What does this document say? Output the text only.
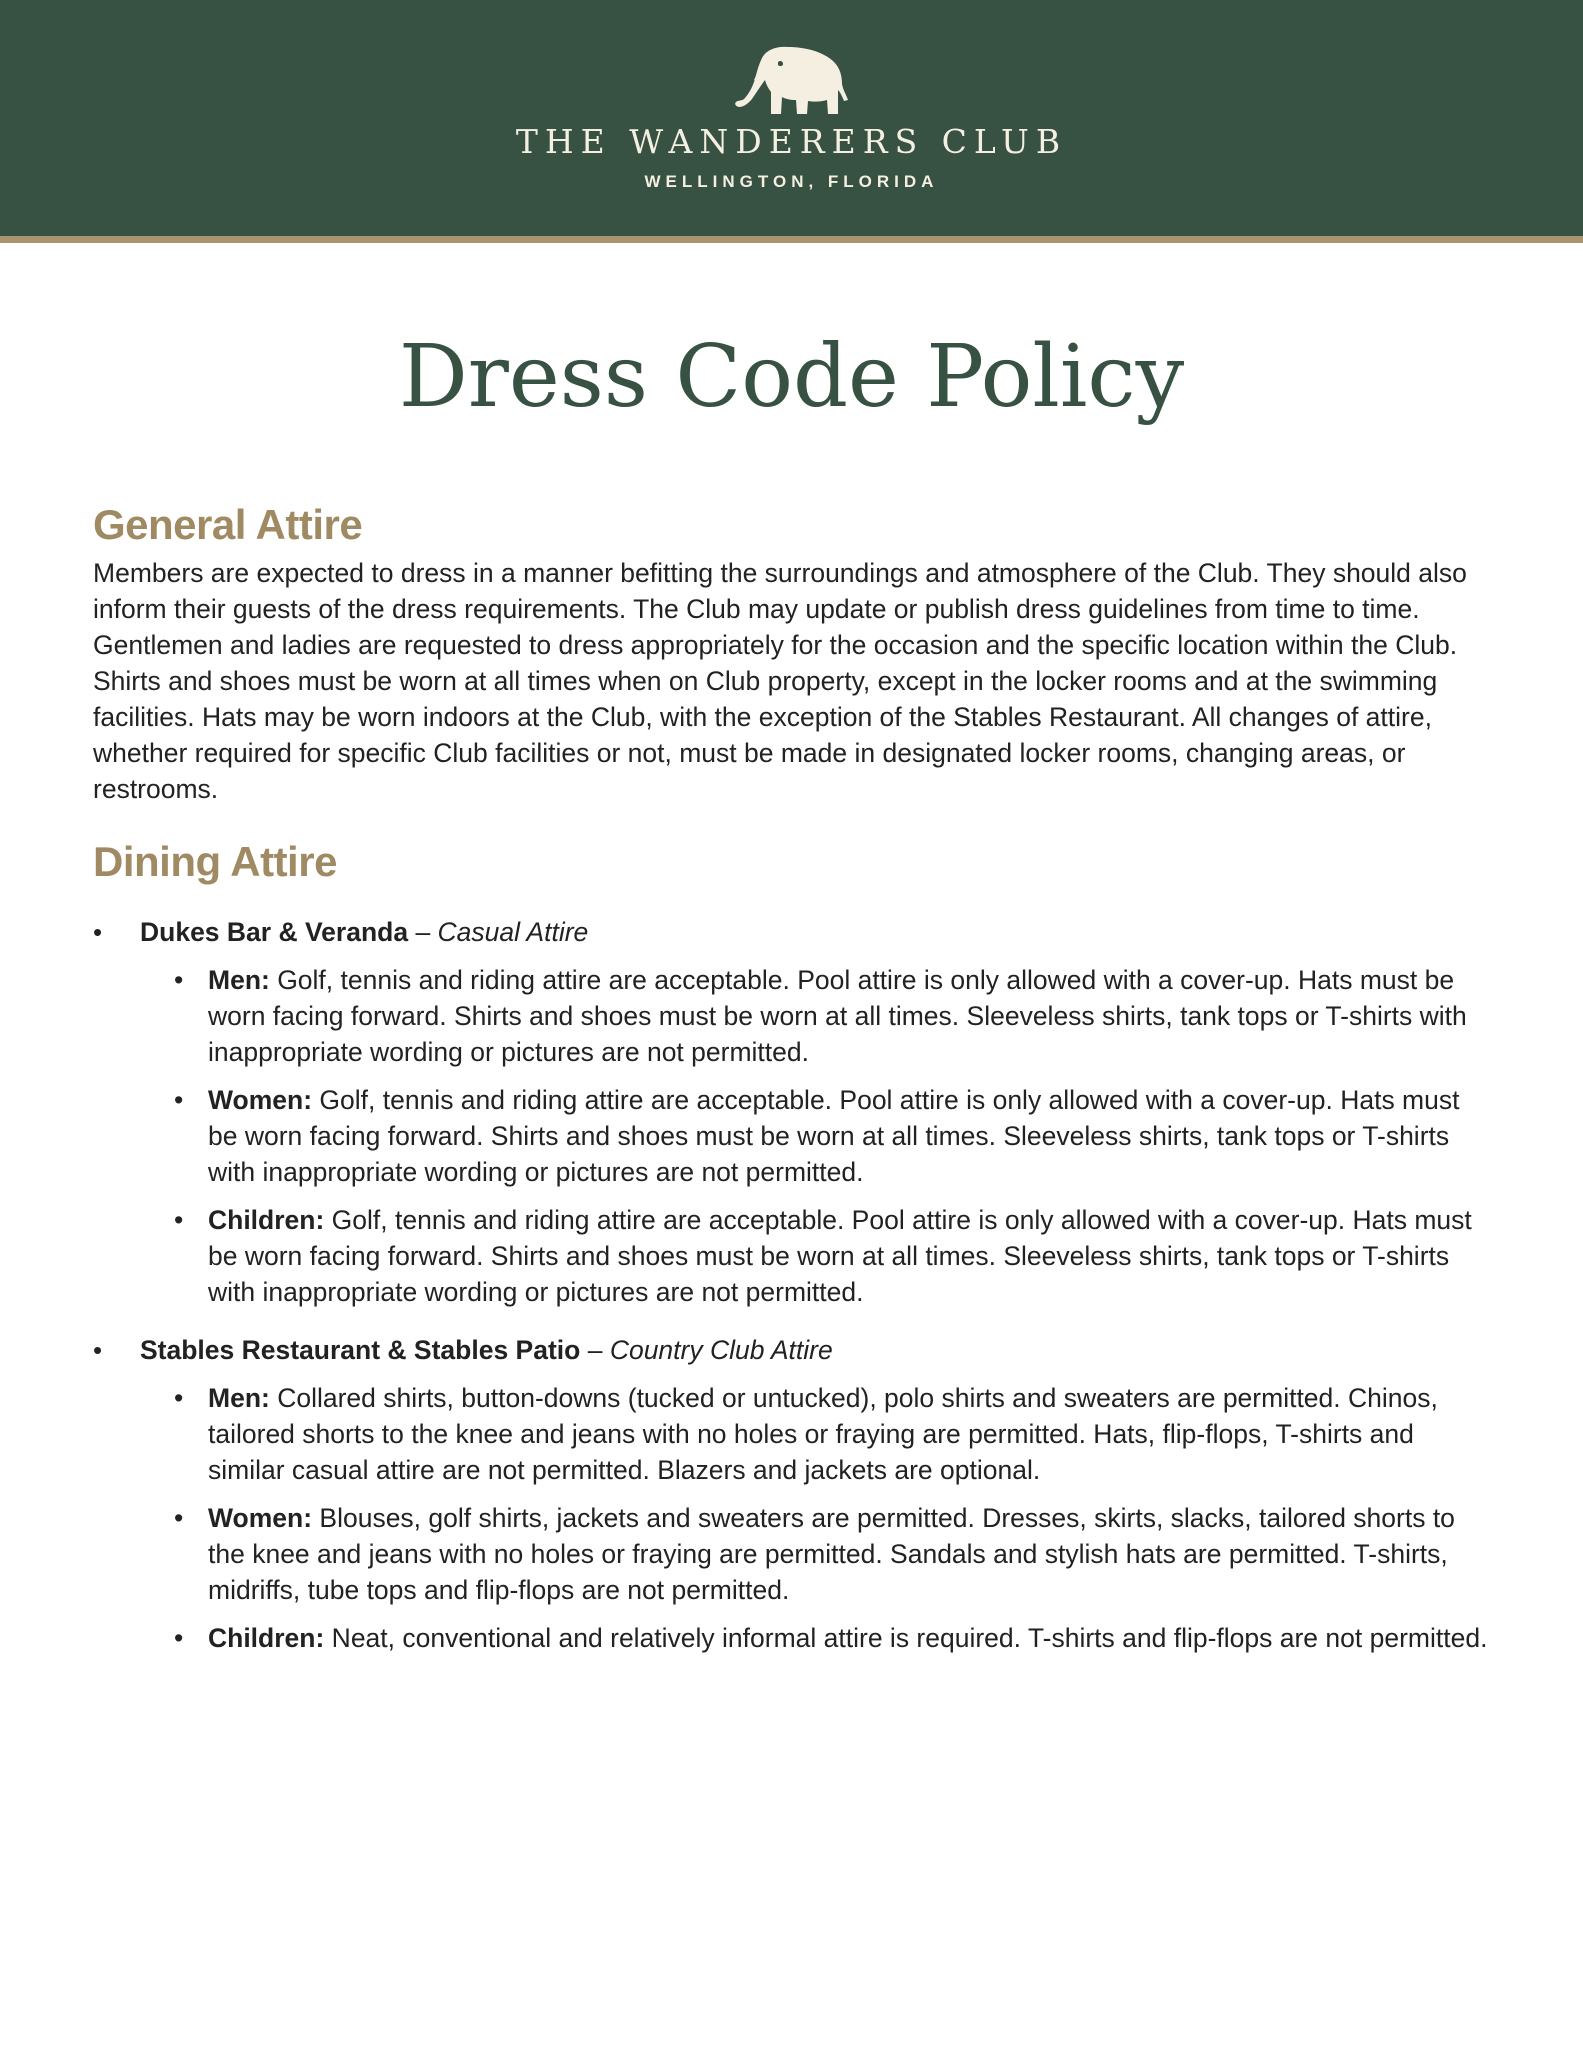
THE WANDERERS CLUB
WELLINGTON, FLORIDA
Dress Code Policy
General Attire

Members are expected to dress in a manner befitting the surroundings and atmosphere of the Club. They should also inform their guests of the dress requirements. The Club may update or publish dress guidelines from time to time. Gentlemen and ladies are requested to dress appropriately for the occasion and the specific location within the Club. Shirts and shoes must be worn at all times when on Club property, except in the locker rooms and at the swimming facilities. Hats may be worn indoors at the Club, with the exception of the Stables Restaurant. All changes of attire, whether required for specific Club facilities or not, must be made in designated locker rooms, changing areas, or restrooms.

Dining Attire
• Dukes Bar & Veranda – Casual Attire
• Men: Golf, tennis and riding attire are acceptable. Pool attire is only allowed with a cover-up. Hats must be worn facing forward. Shirts and shoes must be worn at all times. Sleeveless shirts, tank tops or T-shirts with inappropriate wording or pictures are not permitted.
• Women: Golf, tennis and riding attire are acceptable. Pool attire is only allowed with a cover-up. Hats must be worn facing forward. Shirts and shoes must be worn at all times. Sleeveless shirts, tank tops or T-shirts with inappropriate wording or pictures are not permitted.
• Children: Golf, tennis and riding attire are acceptable. Pool attire is only allowed with a cover-up. Hats must be worn facing forward. Shirts and shoes must be worn at all times. Sleeveless shirts, tank tops or T-shirts with inappropriate wording or pictures are not permitted.
• Stables Restaurant & Stables Patio – Country Club Attire
• Men: Collared shirts, button-downs (tucked or untucked), polo shirts and sweaters are permitted. Chinos, tailored shorts to the knee and jeans with no holes or fraying are permitted. Hats, flip-flops, T-shirts and similar casual attire are not permitted. Blazers and jackets are optional.
• Women: Blouses, golf shirts, jackets and sweaters are permitted. Dresses, skirts, slacks, tailored shorts to the knee and jeans with no holes or fraying are permitted. Sandals and stylish hats are permitted. T-shirts, midriffs, tube tops and flip-flops are not permitted.
• Children: Neat, conventional and relatively informal attire is required. T-shirts and flip-flops are not permitted.
